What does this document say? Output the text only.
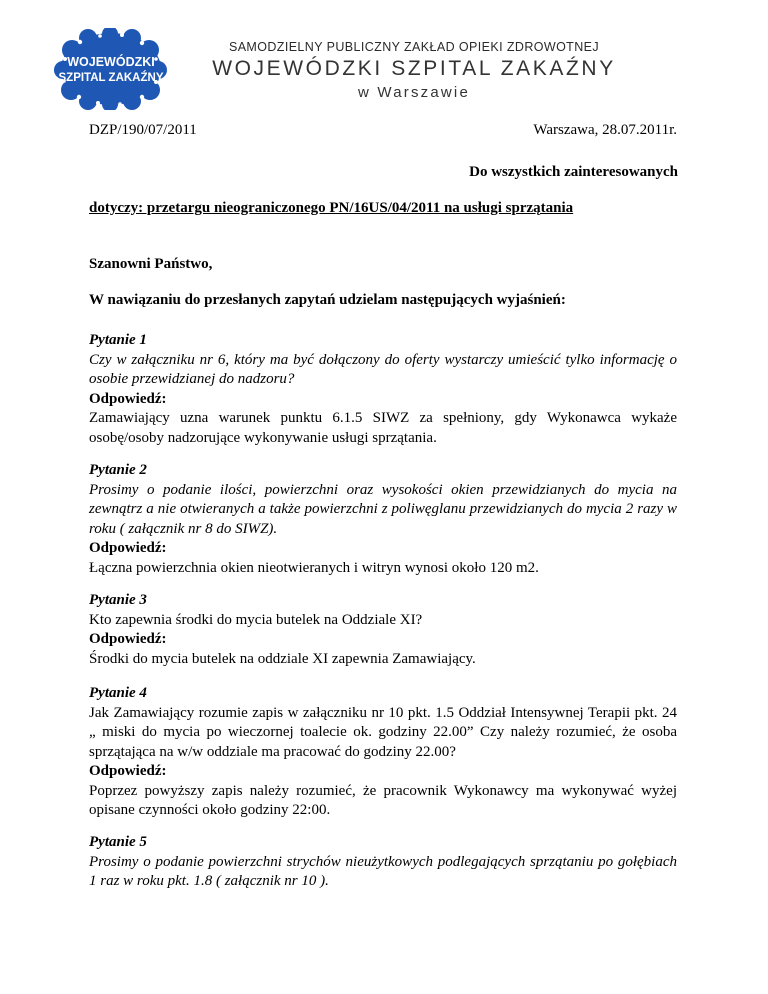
WOJEWÓDZKI
SZPITAL ZAKAŹNY
SAMODZIELNY PUBLICZNY ZAKŁAD OPIEKI ZDROWOTNEJ
WOJEWÓDZKI SZPITAL ZAKAŹNY
w Warszawie
DZP/190/07/2011	Warszawa, 28.07.2011r.
Do wszystkich zainteresowanych
dotyczy: przetargu nieograniczonego PN/16US/04/2011 na usługi sprzątania
Szanowni Państwo,
W nawiązaniu do przesłanych zapytań udzielam następujących wyjaśnień:

Pytanie 1

Czy w załączniku nr 6, który ma być dołączony do oferty wystarczy umieścić tylko informację o osobie przewidzianej do nadzoru?

Odpowiedź:

Zamawiający uzna warunek punktu 6.1.5 SIWZ za spełniony, gdy Wykonawca wykaże osobę/osoby nadzorujące wykonywanie usługi sprzątania.

Pytanie 2

Prosimy o podanie ilości, powierzchni oraz wysokości okien przewidzianych do mycia na zewnątrz a nie otwieranych a także powierzchni z poliwęglanu przewidzianych do mycia 2 razy w roku ( załącznik nr 8 do SIWZ).

Odpowiedź:

Łączna powierzchnia okien nieotwieranych i witryn wynosi około 120 m2.

Pytanie 3

Kto zapewnia środki do mycia butelek na Oddziale XI?

Odpowiedź:

Środki do mycia butelek na oddziale XI zapewnia Zamawiający.

Pytanie 4

Jak Zamawiający rozumie zapis w załączniku nr 10 pkt. 1.5 Oddział Intensywnej Terapii pkt. 24 „ miski do mycia po wieczornej toalecie ok. godziny 22.00” Czy należy rozumieć, że osoba sprzątająca na w/w oddziale ma pracować do godziny 22.00?

Odpowiedź:

Poprzez powyższy zapis należy rozumieć, że pracownik Wykonawcy ma wykonywać wyżej opisane czynności około godziny 22:00.

Pytanie 5

Prosimy o podanie powierzchni strychów nieużytkowych podlegających sprzątaniu po gołębiach 1 raz w roku pkt. 1.8 ( załącznik nr 10 ).
